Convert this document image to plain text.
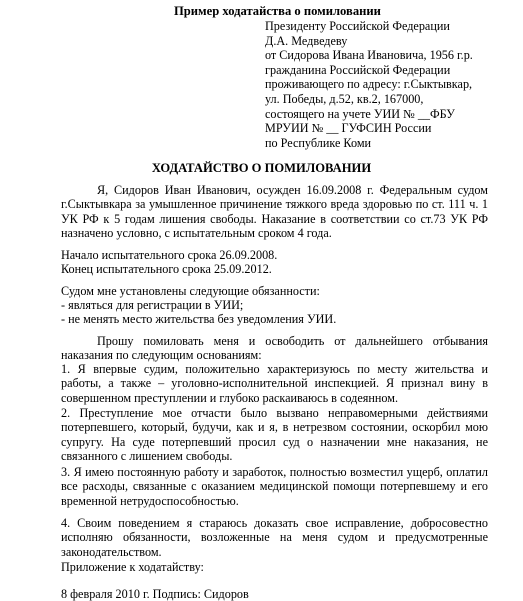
Пример ходатайства о помиловании
Президенту Российской Федерации
Д.А. Медведеву
от Сидорова Ивана Ивановича, 1956 г.р.
гражданина Российской Федерации
проживающего по адресу: г.Сыктывкар,
ул. Победы, д.52, кв.2, 167000,
состоящего на учете УИИ № __ФБУ
МРУИИ № __ ГУФСИН России
по Республике Коми
ХОДАТАЙСТВО О ПОМИЛОВАНИИ

Я, Сидоров Иван Иванович, осужден 16.09.2008 г. Федеральным судом г.Сыктывкара за умышленное причинение тяжкого вреда здоровью по ст. 111 ч. 1 УК РФ к 5 годам лишения свободы. Наказание в соответствии со ст.73 УК РФ назначено условно, с испытательным сроком 4 года.

Начало испытательного срока 26.09.2008.
Конец испытательного срока 25.09.2012.
Судом мне установлены следующие обязанности:
- являться для регистрации в УИИ;
- не менять место жительства без уведомления УИИ.

Прошу помиловать меня и освободить от дальнейшего отбывания наказания по следующим основаниям:

1. Я впервые судим, положительно характеризуюсь по месту жительства и работы, а также – уголовно-исполнительной инспекцией. Я признал вину в совершенном преступлении и глубоко раскаиваюсь в содеянном.

2. Преступление мое отчасти было вызвано неправомерными действиями потерпевшего, который, будучи, как и я, в нетрезвом состоянии, оскорбил мою супругу. На суде потерпевший просил суд о назначении мне наказания, не связанного с лишением свободы.

3. Я имею постоянную работу и заработок, полностью возместил ущерб, оплатил все расходы, связанные с оказанием медицинской помощи потерпевшему и его временной нетрудоспособностью.

4. Своим поведением я стараюсь доказать свое исправление, добросовестно исполняю обязанности, возложенные на меня судом и предусмотренные законодательством.

Приложение к ходатайству:
8 февраля 2010 г. Подпись: Сидоров
